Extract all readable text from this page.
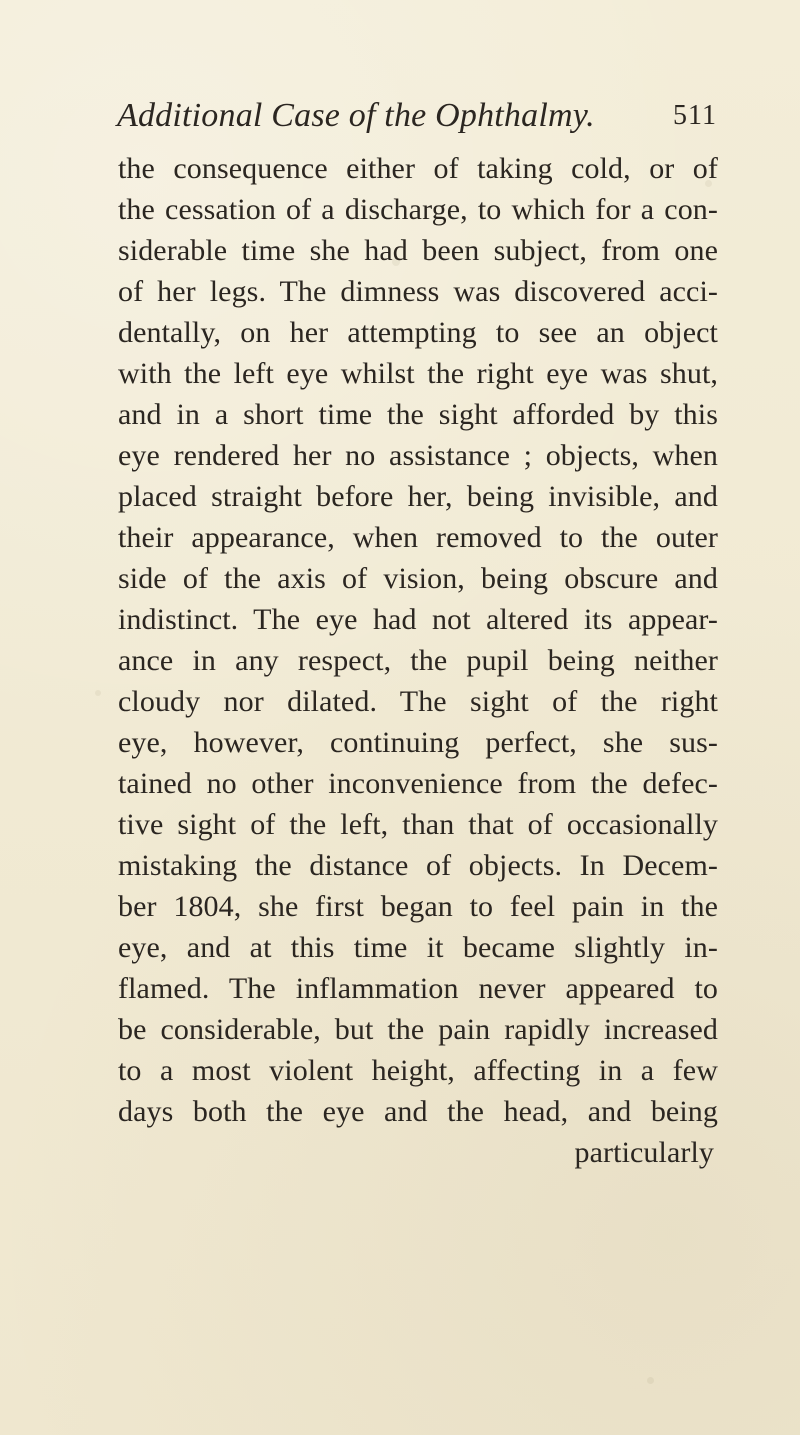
Additional Case of the Ophthalmy.	511
the consequence either of taking cold, or of
the cessation of a discharge, to which for a con-
siderable time she had been subject, from one
of her legs. The dimness was discovered acci-
dentally, on her attempting to see an object
with the left eye whilst the right eye was shut,
and in a short time the sight afforded by this
eye rendered her no assistance ; objects, when
placed straight before her, being invisible, and
their appearance, when removed to the outer
side of the axis of vision, being obscure and
indistinct. The eye had not altered its appear-
ance in any respect, the pupil being neither
cloudy nor dilated. The sight of the right
eye, however, continuing perfect, she sus-
tained no other inconvenience from the defec-
tive sight of the left, than that of occasionally
mistaking the distance of objects. In Decem-
ber 1804, she first began to feel pain in the
eye, and at this time it became slightly in-
flamed. The inflammation never appeared to
be considerable, but the pain rapidly increased
to a most violent height, affecting in a few
days both the eye and the head, and being
particularly
